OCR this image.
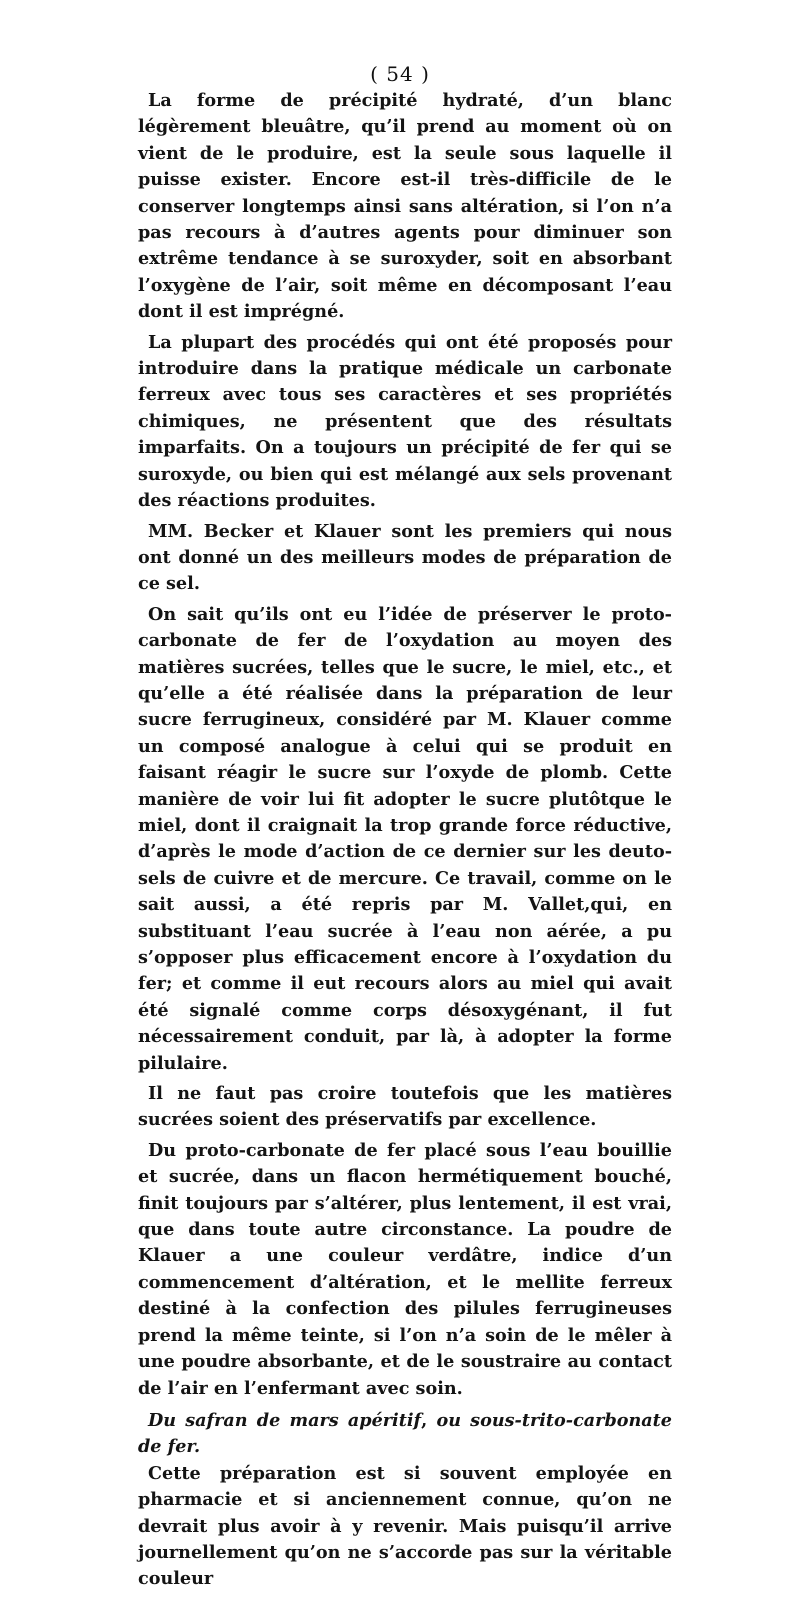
( 54 )

La forme de précipité hydraté, d’un blanc légèrement bleuâtre, qu’il prend au moment où on vient de le produire, est la seule sous laquelle il puisse exister. Encore est-il très-difficile de le conserver longtemps ainsi sans altération, si l’on n’a pas recours à d’autres agents pour diminuer son extrême tendance à se suroxyder, soit en absorbant l’oxygène de l’air, soit même en décomposant l’eau dont il est imprégné.

La plupart des procédés qui ont été proposés pour introduire dans la pratique médicale un carbonate ferreux avec tous ses caractères et ses propriétés chimiques, ne présentent que des résultats imparfaits. On a toujours un précipité de fer qui se suroxyde, ou bien qui est mélangé aux sels provenant des réactions produites.

MM. Becker et Klauer sont les premiers qui nous ont donné un des meilleurs modes de préparation de ce sel.

On sait qu’ils ont eu l’idée de préserver le proto-carbonate de fer de l’oxydation au moyen des matières sucrées, telles que le sucre, le miel, etc., et qu’elle a été réalisée dans la préparation de leur sucre ferrugineux, considéré par M. Klauer comme un composé analogue à celui qui se produit en faisant réagir le sucre sur l’oxyde de plomb. Cette manière de voir lui fit adopter le sucre plutôtque le miel, dont il craignait la trop grande force réductive, d’après le mode d’action de ce dernier sur les deuto-sels de cuivre et de mercure. Ce travail, comme on le sait aussi, a été repris par M. Vallet,qui, en substituant l’eau sucrée à l’eau non aérée, a pu s’opposer plus efficacement encore à l’oxydation du fer; et comme il eut recours alors au miel qui avait été signalé comme corps désoxygénant, il fut nécessairement conduit, par là, à adopter la forme pilulaire.

Il ne faut pas croire toutefois que les matières sucrées soient des préservatifs par excellence.

Du proto-carbonate de fer placé sous l’eau bouillie et sucrée, dans un flacon hermétiquement bouché, finit toujours par s’altérer, plus lentement, il est vrai, que dans toute autre circonstance. La poudre de Klauer a une couleur verdâtre, indice d’un commencement d’altération, et le mellite ferreux destiné à la confection des pilules ferrugineuses prend la même teinte, si l’on n’a soin de le mêler à une poudre absorbante, et de le soustraire au contact de l’air en l’enfermant avec soin.

Du safran de mars apéritif, ou sous-trito-carbonate de fer.

Cette préparation est si souvent employée en pharmacie et si anciennement connue, qu’on ne devrait plus avoir à y revenir. Mais puisqu’il arrive journellement qu’on ne s’accorde pas sur la véritable couleur
